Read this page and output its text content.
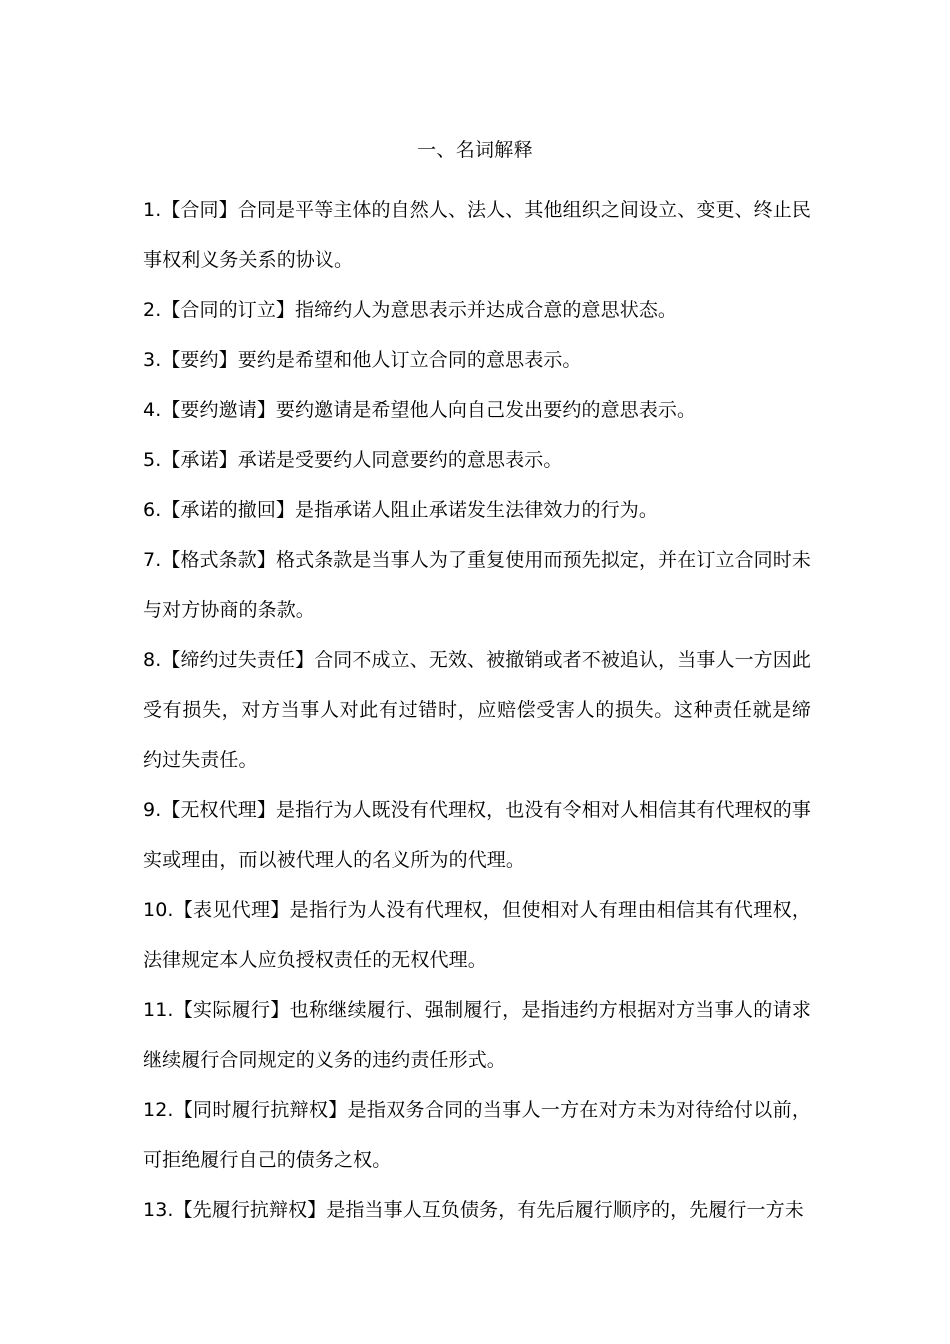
一、名词解释

1.【合同】合同是平等主体的自然人、法人、其他组织之间设立、变更、终止民事权利义务关系的协议。

2.【合同的订立】指缔约人为意思表示并达成合意的意思状态。

3.【要约】要约是希望和他人订立合同的意思表示。

4.【要约邀请】要约邀请是希望他人向自己发出要约的意思表示。

5.【承诺】承诺是受要约人同意要约的意思表示。

6.【承诺的撤回】是指承诺人阻止承诺发生法律效力的行为。

7.【格式条款】格式条款是当事人为了重复使用而预先拟定，并在订立合同时未与对方协商的条款。

8.【缔约过失责任】合同不成立、无效、被撤销或者不被追认，当事人一方因此受有损失，对方当事人对此有过错时，应赔偿受害人的损失。这种责任就是缔约过失责任。

9.【无权代理】是指行为人既没有代理权，也没有令相对人相信其有代理权的事实或理由，而以被代理人的名义所为的代理。

10.【表见代理】是指行为人没有代理权，但使相对人有理由相信其有代理权，法律规定本人应负授权责任的无权代理。

11.【实际履行】也称继续履行、强制履行，是指违约方根据对方当事人的请求继续履行合同规定的义务的违约责任形式。

12.【同时履行抗辩权】是指双务合同的当事人一方在对方未为对待给付以前，可拒绝履行自己的债务之权。

13.【先履行抗辩权】是指当事人互负债务，有先后履行顺序的，先履行一方未
